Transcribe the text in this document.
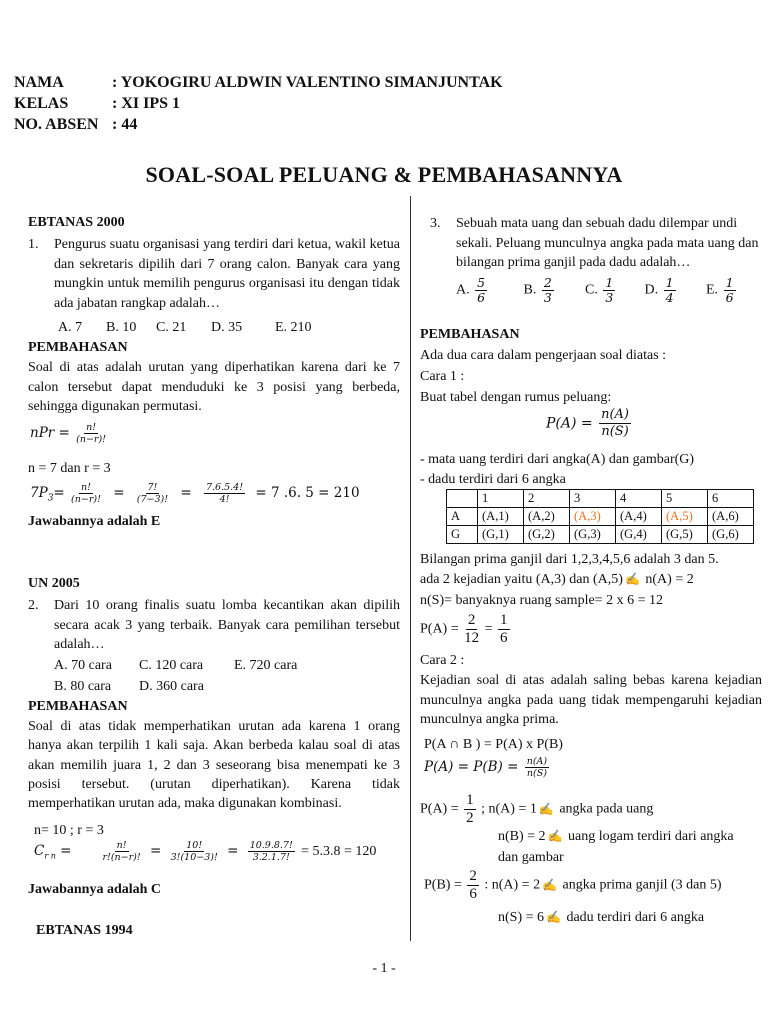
NAMA	: YOKOGIRU ALDWIN VALENTINO SIMANJUNTAK
KELAS	: XI IPS 1
NO. ABSEN : 44
SOAL-SOAL PELUANG & PEMBAHASANNYA
EBTANAS 2000
1. Pengurus suatu organisasi yang terdiri dari ketua, wakil ketua dan sekretaris dipilih dari 7 orang calon. Banyak cara yang mungkin untuk memilih pengurus organisasi itu dengan tidak ada jabatan rangkap adalah…
A. 7 B. 10 C. 21 D. 35 E. 210
PEMBAHASAN
Soal di atas adalah urutan yang diperhatikan karena dari ke 7 calon tersebut dapat menduduki ke 3 posisi yang berbeda, sehingga digunakan permutasi.
nPr = $\frac{n!}{(n-r)!}$
n = 7 dan r = 3
$7P_3= \frac{n!}{(n-r)!} = \frac{7!}{(7-3)!} = \frac{7.6.5.4!}{4!} = 7$ .6. 5 = 210
Jawabannya adalah E
UN 2005
2. Dari 10 orang finalis suatu lomba kecantikan akan dipilih secara acak 3 yang terbaik. Banyak cara pemilihan tersebut adalah…
A. 70 cara C. 120 cara E. 720 cara
B. 80 cara D. 360 cara
PEMBAHASAN
Soal di atas tidak memperhatikan urutan ada karena 1 orang hanya akan terpilih 1 kali saja. Akan berbeda kalau soal di atas akan memilih juara 1, 2 dan 3 seseorang bisa menempati ke 3 posisi tersebut. (urutan diperhatikan). Karena tidak memperhatikan urutan ada, maka digunakan kombinasi.
n= 10 ; r = 3
$C_{r n}$ =	$\frac{n!}{r!(n-r)!} = \frac{10!}{3!(10-3)!} = \frac{10.9.8.7!}{3.2.1.7!} = 5.3.8 = 120$
Jawabannya adalah C
EBTANAS 1994
3. Sebuah mata uang dan sebuah dadu dilempar undi sekali. Peluang munculnya angka pada mata uang dan bilangan prima ganjil pada dadu adalah…
A. $\frac{5}{6}$	B. $\frac{2}{3} C$. $\frac{1}{3} D$. $\frac{1}{4} E$. $\frac{1}{6}$
PEMBAHASAN
Ada dua cara dalam pengerjaan soal diatas :
Cara 1 :
Buat tabel dengan rumus peluang:
$P(A) = \frac{n(A)}{n(S)}$
- mata uang terdiri dari angka(A) dan gambar(G)
- dadu terdiri dari 6 angka
	1	2	3	4	5	6
A	(A,1)	(A,2)	(A,3)	(A,4)	(A,5)	(A,6)
G	(G,1)	(G,2)	(G,3)	(G,4)	(G,5)	(G,6)
Bilangan prima ganjil dari 1,2,3,4,5,6 adalah 3 dan 5.
ada 2 kejadian yaitu (A,3) dan (A,5) ✍ n(A) = 2
n(S)= banyaknya ruang sample= 2 x 6 = 12
$P(A) = \frac{2}{12} = \frac{1}{6}$
Cara 2 :
Kejadian soal di atas adalah saling bebas karena kejadian munculnya angka pada uang tidak mempengaruhi kejadian munculnya angka prima.
P(A ∩ B ) = P(A) x P(B)
$P(A) = P(B) = \frac{n(A)}{n(S)}$
$P(A) = \frac{1}{2}$ ; n(A) = 1 ✍ angka pada uang
n(B) = 2 ✍ uang logam terdiri dari angka
dan gambar
$P(B) = \frac{2}{6}$ : n(A) = 2 ✍ angka prima ganjil (3 dan 5)
n(S) = 6 ✍ dadu terdiri dari 6 angka
- 1 -
